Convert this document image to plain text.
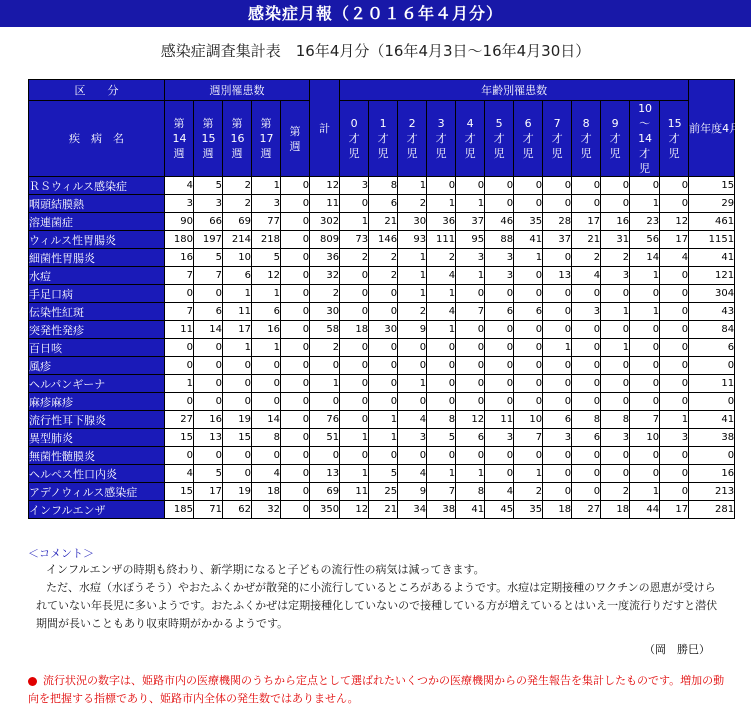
感染症月報（２０１６年４月分）
感染症調査集計表　16年4月分（16年4月3日～16年4月30日）
区　　分	週別罹患数					計	年齢別罹患数												前年度4月分
疾　病　名	第14週	第15週	第16週	第17週	第週		0才児	1才児	2才児	3才児	4才児	5才児	6才児	7才児	8才児	9才児	10～14才児	15才児	
ＲＳウィルス感染症	4	5	2	1	0	12	3	8	1	0	0	0	0	0	0	0	0	0	15
咽頭結膜熱	3	3	2	3	0	11	0	6	2	1	1	0	0	0	0	0	1	0	29
溶連菌症	90	66	69	77	0	302	1	21	30	36	37	46	35	28	17	16	23	12	461
ウィルス性胃腸炎	180	197	214	218	0	809	73	146	93	111	95	88	41	37	21	31	56	17	1151
細菌性胃腸炎	16	5	10	5	0	36	2	2	1	2	3	3	1	0	2	2	14	4	41
水痘	7	7	6	12	0	32	0	2	1	4	1	3	0	13	4	3	1	0	121
手足口病	0	0	1	1	0	2	0	0	1	1	0	0	0	0	0	0	0	0	304
伝染性紅斑	7	6	11	6	0	30	0	0	2	4	7	6	6	0	3	1	1	0	43
突発性発疹	11	14	17	16	0	58	18	30	9	1	0	0	0	0	0	0	0	0	84
百日咳	0	0	1	1	0	2	0	0	0	0	0	0	0	1	0	1	0	0	6
風疹	0	0	0	0	0	0	0	0	0	0	0	0	0	0	0	0	0	0	0
ヘルパンギーナ	1	0	0	0	0	1	0	0	1	0	0	0	0	0	0	0	0	0	11
麻疹麻疹	0	0	0	0	0	0	0	0	0	0	0	0	0	0	0	0	0	0	0
流行性耳下腺炎	27	16	19	14	0	76	0	1	4	8	12	11	10	6	8	8	7	1	41
異型肺炎	15	13	15	8	0	51	1	1	3	5	6	3	7	3	6	3	10	3	38
無菌性髄膜炎	0	0	0	0	0	0	0	0	0	0	0	0	0	0	0	0	0	0	0
ヘルペス性口内炎	4	5	0	4	0	13	1	5	4	1	1	0	1	0	0	0	0	0	16
アデノウィルス感染症	15	17	19	18	0	69	11	25	9	7	8	4	2	0	0	2	1	0	213
インフルエンザ	185	71	62	32	0	350	12	21	34	38	41	45	35	18	27	18	44	17	281
＜コメント＞

インフルエンザの時期も終わり、新学期になると子どもの流行性の病気は減ってきます。

ただ、水痘（水ぼうそう）やおたふくかぜが散発的に小流行しているところがあるようです。水痘は定期接種のワクチンの恩恵が受けられていない年長児に多いようです。おたふくかぜは定期接種化していないので接種している方が増えているとはいえ一度流行りだすと潜伏期間が長いこともあり収束時期がかかるようです。

（岡　勝巳）
流行状況の数字は、姫路市内の医療機関のうちから定点として選ばれたいくつかの医療機関からの発生報告を集計したものです。増加の動向を把握する指標であり、姫路市内全体の発生数ではありません。
